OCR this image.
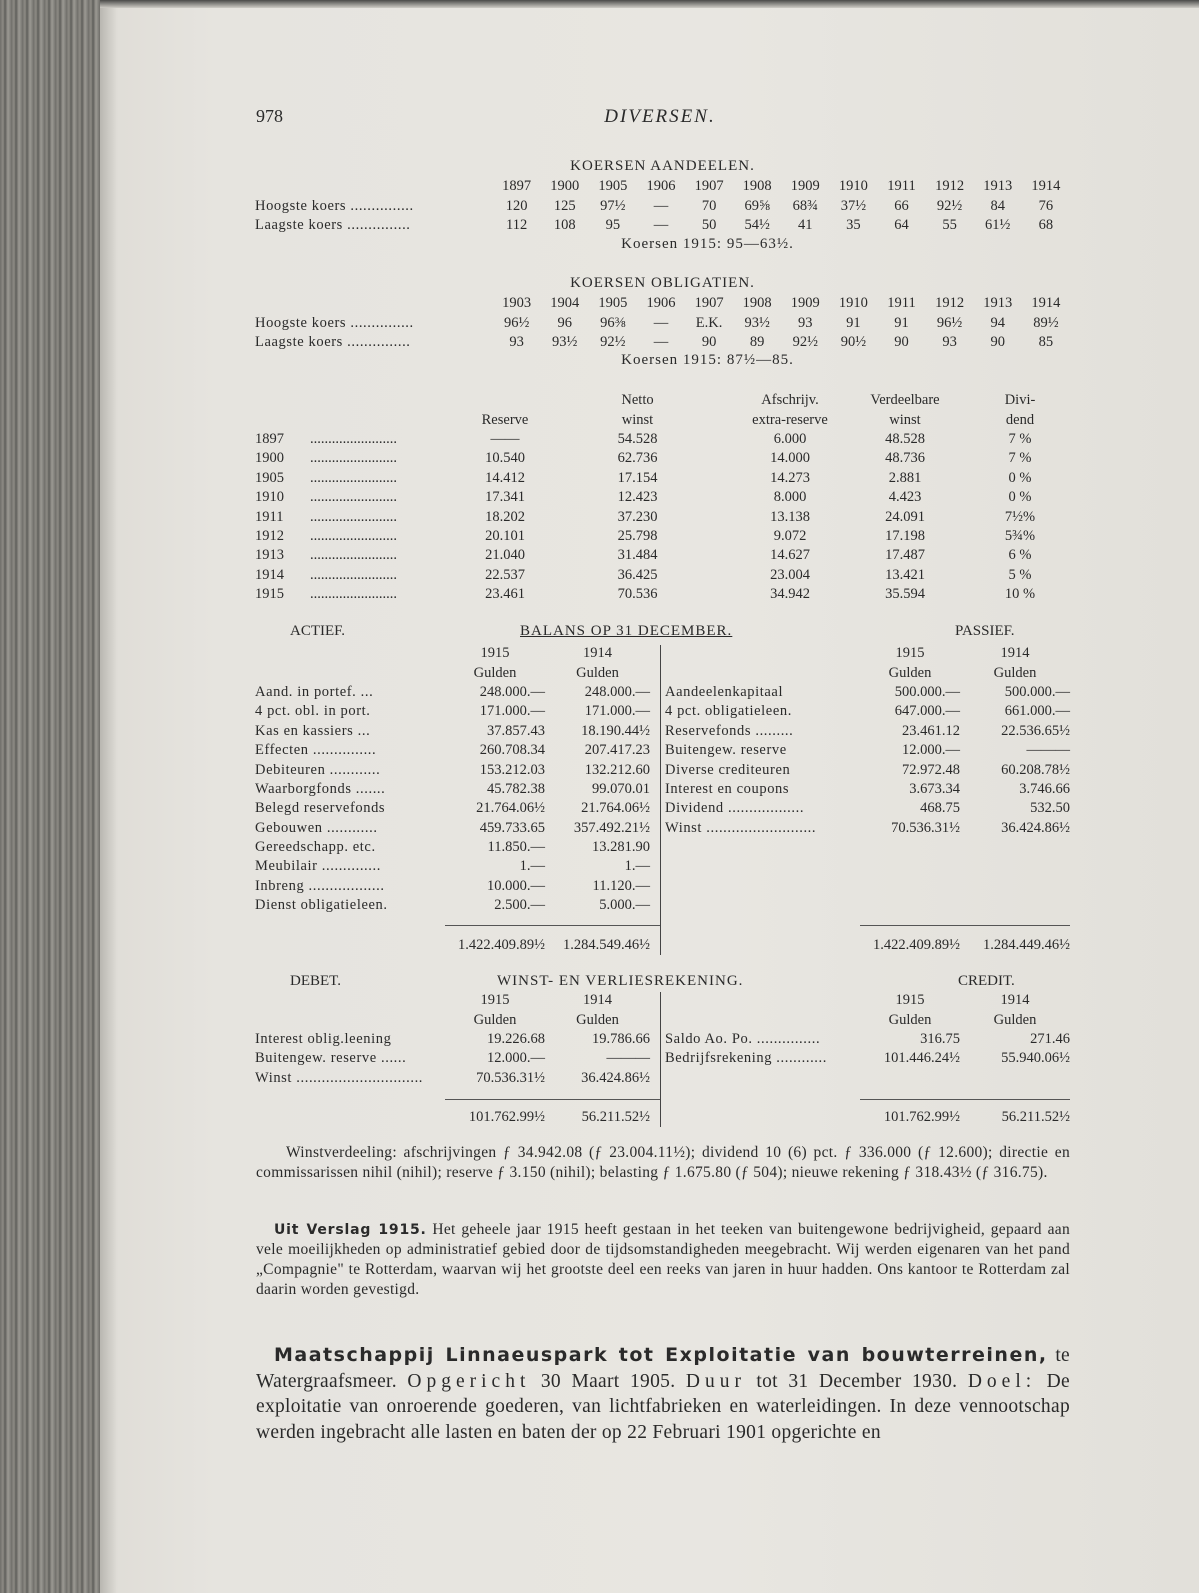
978	DIVERSEN.
KOERSEN AANDEELEN.
	1897	1900	1905	1906	1907	1908	1909	1910	1911	1912	1913	1914
Hoogste koers ...............	120	125	97½	—	70	69⅝	68¾	37½	66	92½	84	76
Laagste koers ...............	112	108	95	—	50	54½	41	35	64	55	61½	68
Koersen 1915: 95—63½.
KOERSEN OBLIGATIEN.
	1903	1904	1905	1906	1907	1908	1909	1910	1911	1912	1913	1914
Hoogste koers ...............	96½	96	96⅜	—	E.K.	93½	93	91	91	96½	94	89½
Laagste koers ...............	93	93½	92½	—	90	89	92½	90½	90	93	90	85
Koersen 1915: 87½—85.
			Netto	Afschrijv.	Verdeelbare	Divi-
		Reserve	winst	extra-reserve	winst	dend
1897	........................	——	54.528	6.000	48.528	7 %
1900	........................	10.540	62.736	14.000	48.736	7 %
1905	........................	14.412	17.154	14.273	2.881	0 %
1910	........................	17.341	12.423	8.000	4.423	0 %
1911	........................	18.202	37.230	13.138	24.091	7½%
1912	........................	20.101	25.798	9.072	17.198	5¾%
1913	........................	21.040	31.484	14.627	17.487	6 %
1914	........................	22.537	36.425	23.004	13.421	5 %
1915	........................	23.461	70.536	34.942	35.594	10 %
ACTIEF.	BALANS OP 31 DECEMBER.	PASSIEF.
	1915	1914			1915	1914
	Gulden	Gulden			Gulden	Gulden
Aand. in portef. ...	248.000.—	248.000.—		Aandeelenkapitaal	500.000.—	500.000.—
4 pct. obl. in port.	171.000.—	171.000.—		4 pct. obligatieleen.	647.000.—	661.000.—
Kas en kassiers ...	37.857.43	18.190.44½		Reservefonds .........	23.461.12	22.536.65½
Effecten ...............	260.708.34	207.417.23		Buitengew. reserve	12.000.—	———
Debiteuren ............	153.212.03	132.212.60		Diverse crediteuren	72.972.48	60.208.78½
Waarborgfonds .......	45.782.38	99.070.01		Interest en coupons	3.673.34	3.746.66
Belegd reservefonds	21.764.06½	21.764.06½		Dividend ..................	468.75	532.50
Gebouwen ............	459.733.65	357.492.21½		Winst ..........................	70.536.31½	36.424.86½
Gereedschapp. etc.	11.850.—	13.281.90				
Meubilair ..............	1.—	1.—				
Inbreng ..................	10.000.—	11.120.—				
Dienst obligatieleen.	2.500.—	5.000.—				

	1.422.409.89½	1.284.549.46½			1.422.409.89½	1.284.449.46½
DEBET.	WINST- EN VERLIESREKENING.	CREDIT.
	1915	1914			1915	1914
	Gulden	Gulden			Gulden	Gulden
Interest oblig.leening	19.226.68	19.786.66		Saldo Ao. Po. ...............	316.75	271.46
Buitengew. reserve ......	12.000.—	———		Bedrijfsrekening ............	101.446.24½	55.940.06½
Winst ..............................	70.536.31½	36.424.86½				

	101.762.99½	56.211.52½			101.762.99½	56.211.52½
Winstverdeeling: afschrijvingen ƒ 34.942.08 (ƒ 23.004.11½); dividend 10 (6) pct. ƒ 336.000 (ƒ 12.600); directie en commissarissen nihil (nihil); reserve ƒ 3.150 (nihil); belasting ƒ 1.675.80 (ƒ 504); nieuwe rekening ƒ 318.43½ (ƒ 316.75).
Uit Verslag 1915. Het geheele jaar 1915 heeft gestaan in het teeken van buitengewone bedrijvigheid, gepaard aan vele moeilijkheden op administratief gebied door de tijdsomstandigheden meegebracht. Wij werden eigenaren van het pand „Compagnie" te Rotterdam, waarvan wij het grootste deel een reeks van jaren in huur hadden. Ons kantoor te Rotterdam zal daarin worden gevestigd.
Maatschappij Linnaeuspark tot Exploitatie van bouwterreinen, te Watergraafsmeer. Opgericht 30 Maart 1905. Duur tot 31 December 1930. Doel: De exploitatie van onroerende goederen, van lichtfabrieken en waterleidingen. In deze vennootschap werden ingebracht alle lasten en baten der op 22 Februari 1901 opgerichte en
